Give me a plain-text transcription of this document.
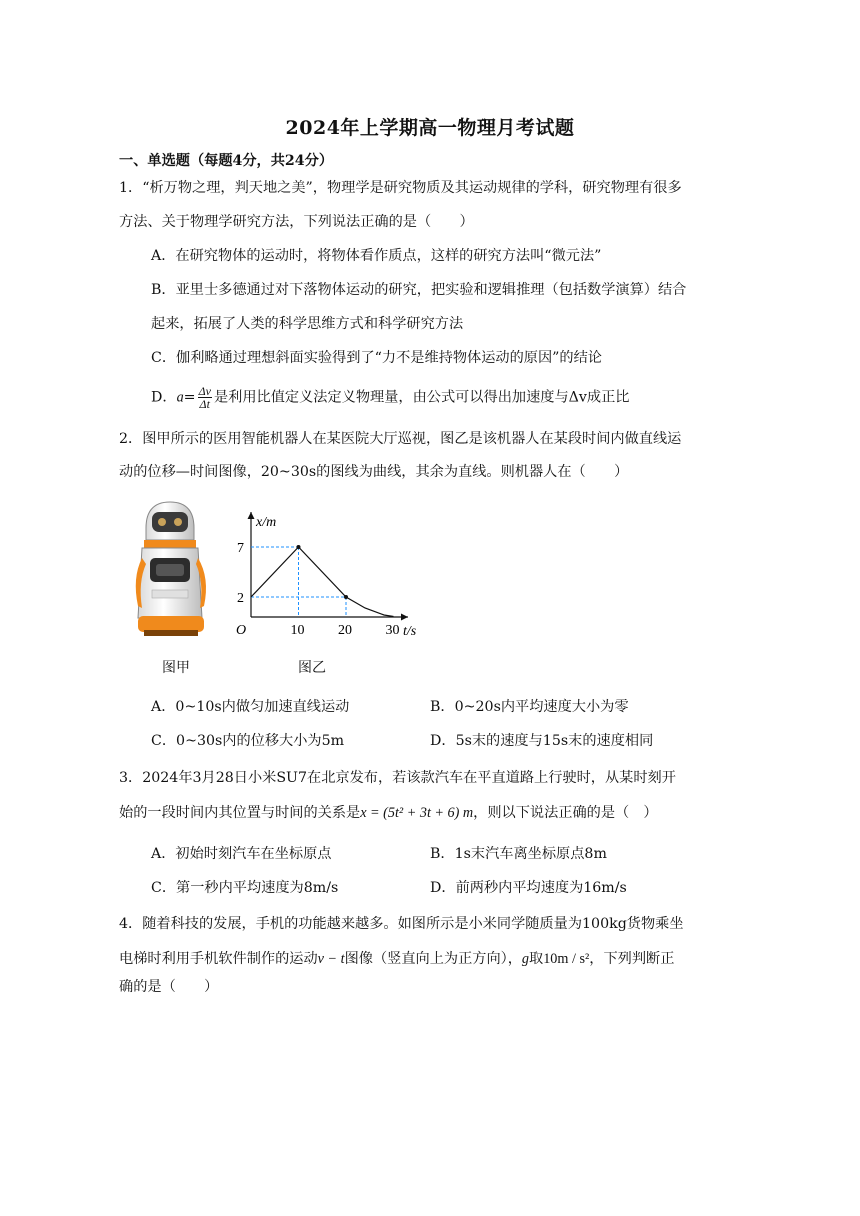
2024年上学期高一物理月考试题
一、单选题（每题4分，共24分）
1．“析万物之理，判天地之美”，物理学是研究物质及其运动规律的学科，研究物理有很多
方法、关于物理学研究方法，下列说法正确的是（　　）
A．在研究物体的运动时，将物体看作质点，这样的研究方法叫“微元法”
B．亚里士多德通过对下落物体运动的研究，把实验和逻辑推理（包括数学演算）结合
起来，拓展了人类的科学思维方式和科学研究方法
C．伽利略通过理想斜面实验得到了“力不是维持物体运动的原因”的结论
D．$a= \frac{\Delta v}{\Delta t}$ 是利用比值定义法定义物理量，由公式可以得出加速度与Δv成正比
2．图甲所示的医用智能机器人在某医院大厅巡视，图乙是该机器人在某段时间内做直线运
动的位移—时间图像，20~30s的图线为曲线，其余为直线。则机器人在（　　）
x/m
t/s
O	10 20 30
2
7
图甲	图乙
A．0~10s内做匀加速直线运动	B．0~20s内平均速度大小为零
C．0~30s内的位移大小为5m	D．5s末的速度与15s末的速度相同
3．2024年3月28日小米SU7在北京发布，若该款汽车在平直道路上行驶时，从某时刻开
始的一段时间内其位置与时间的关系是x = (5t² + 3t + 6) m，则以下说法正确的是（　）
A．初始时刻汽车在坐标原点	B．1s末汽车离坐标原点8m
C．第一秒内平均速度为8m/s	D．前两秒内平均速度为16m/s
4．随着科技的发展，手机的功能越来越多。如图所示是小米同学随质量为100kg货物乘坐
电梯时利用手机软件制作的运动v − t图像（竖直向上为正方向），g取10m / s²，下列判断正
确的是（　　）
